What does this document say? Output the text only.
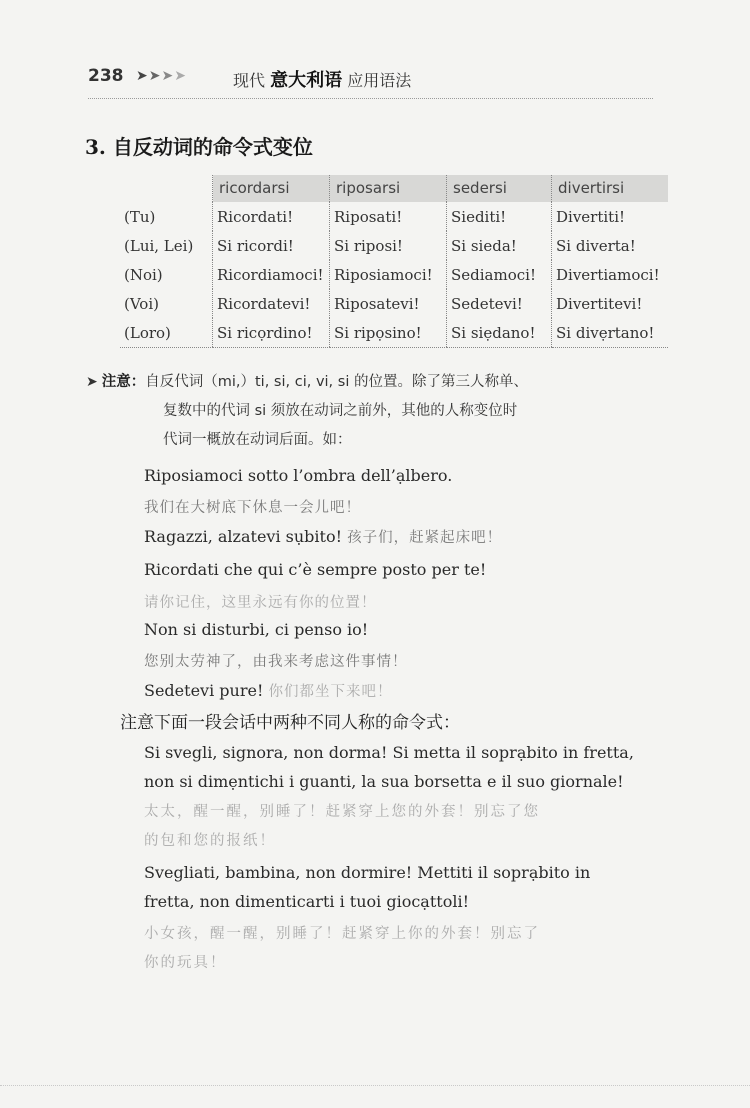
238 ➤➤➤➤	现代 意大利语 应用语法
3. 自反动词的命令式变位
	ricordarsi	riposarsi	sedersi	divertirsi
(Tu)	Ricordati!	Riposati!	Siediti!	Divertiti!
(Lui, Lei)	Si ricordi!	Si riposi!	Si sieda!	Si diverta!
(Noi)	Ricordiamoci!	Riposiamoci!	Sediamoci!	Divertiamoci!
(Voi)	Ricordatevi!	Riposatevi!	Sedetevi!	Divertitevi!
(Loro)	Si ricọrdino!	Si ripọsino!	Si siẹdano!	Si divẹrtano!
➤ 注意：自反代词（mi,）ti, si, ci, vi, si 的位置。除了第三人称单、
复数中的代词 si 须放在动词之前外，其他的人称变位时
代词一概放在动词后面。如：
Riposiamoci sotto l’ombra dell’ạlbero.
我们在大树底下休息一会儿吧！
Ragazzi, alzatevi sụbito! 孩子们，赶紧起床吧！
Ricordati che qui c’è sempre posto per te!
请你记住，这里永远有你的位置！
Non si disturbi, ci penso io!
您别太劳神了，由我来考虑这件事情！
Sedetevi pure! 你们都坐下来吧！
注意下面一段会话中两种不同人称的命令式：
Si svegli, signora, non dorma! Si metta il soprạbito in fretta,
non si dimẹntichi i guanti, la sua borsetta e il suo giornale!
太太，醒一醒，别睡了！赶紧穿上您的外套！别忘了您
的包和您的报纸！
Svegliati, bambina, non dormire! Mettiti il soprạbito in
fretta, non dimenticarti i tuoi giocạttoli!
小女孩，醒一醒，别睡了！赶紧穿上你的外套！别忘了
你的玩具！
